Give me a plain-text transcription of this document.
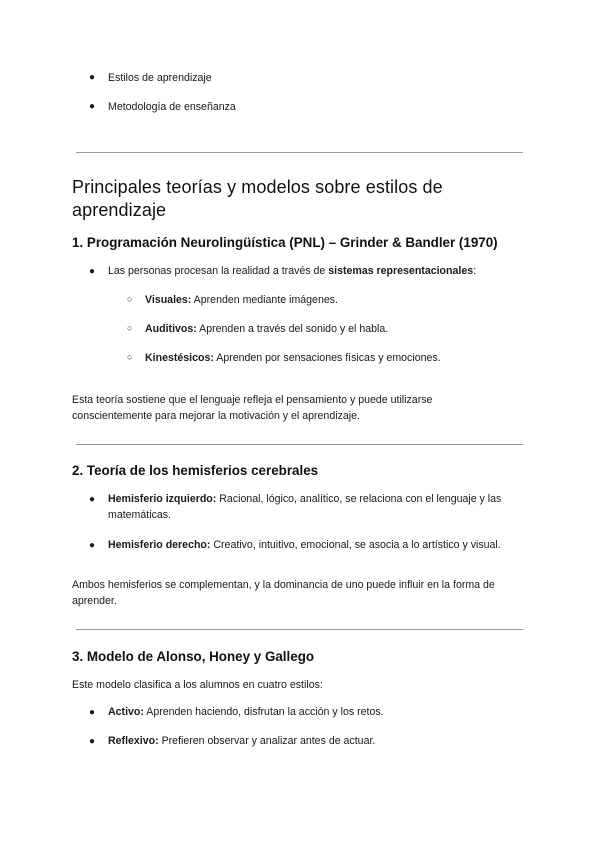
● Estilos de aprendizaje
● Metodología de enseñanza
Principales teorías y modelos sobre estilos de
aprendizaje
1. Programación Neurolingüística (PNL) – Grinder & Bandler (1970)
● Las personas procesan la realidad a través de sistemas representacionales:
○ Visuales: Aprenden mediante imágenes.
○ Auditivos: Aprenden a través del sonido y el habla.
○ Kinestésicos: Aprenden por sensaciones físicas y emociones.
Esta teoría sostiene que el lenguaje refleja el pensamiento y puede utilizarse
conscientemente para mejorar la motivación y el aprendizaje.
2. Teoría de los hemisferios cerebrales
● Hemisferio izquierdo: Racional, lógico, analítico, se relaciona con el lenguaje y las
matemáticas.
● Hemisferio derecho: Creativo, intuitivo, emocional, se asocia a lo artístico y visual.
Ambos hemisferios se complementan, y la dominancia de uno puede influir en la forma de
aprender.
3. Modelo de Alonso, Honey y Gallego
Este modelo clasifica a los alumnos en cuatro estilos:
● Activo: Aprenden haciendo, disfrutan la acción y los retos.
● Reflexivo: Prefieren observar y analizar antes de actuar.
